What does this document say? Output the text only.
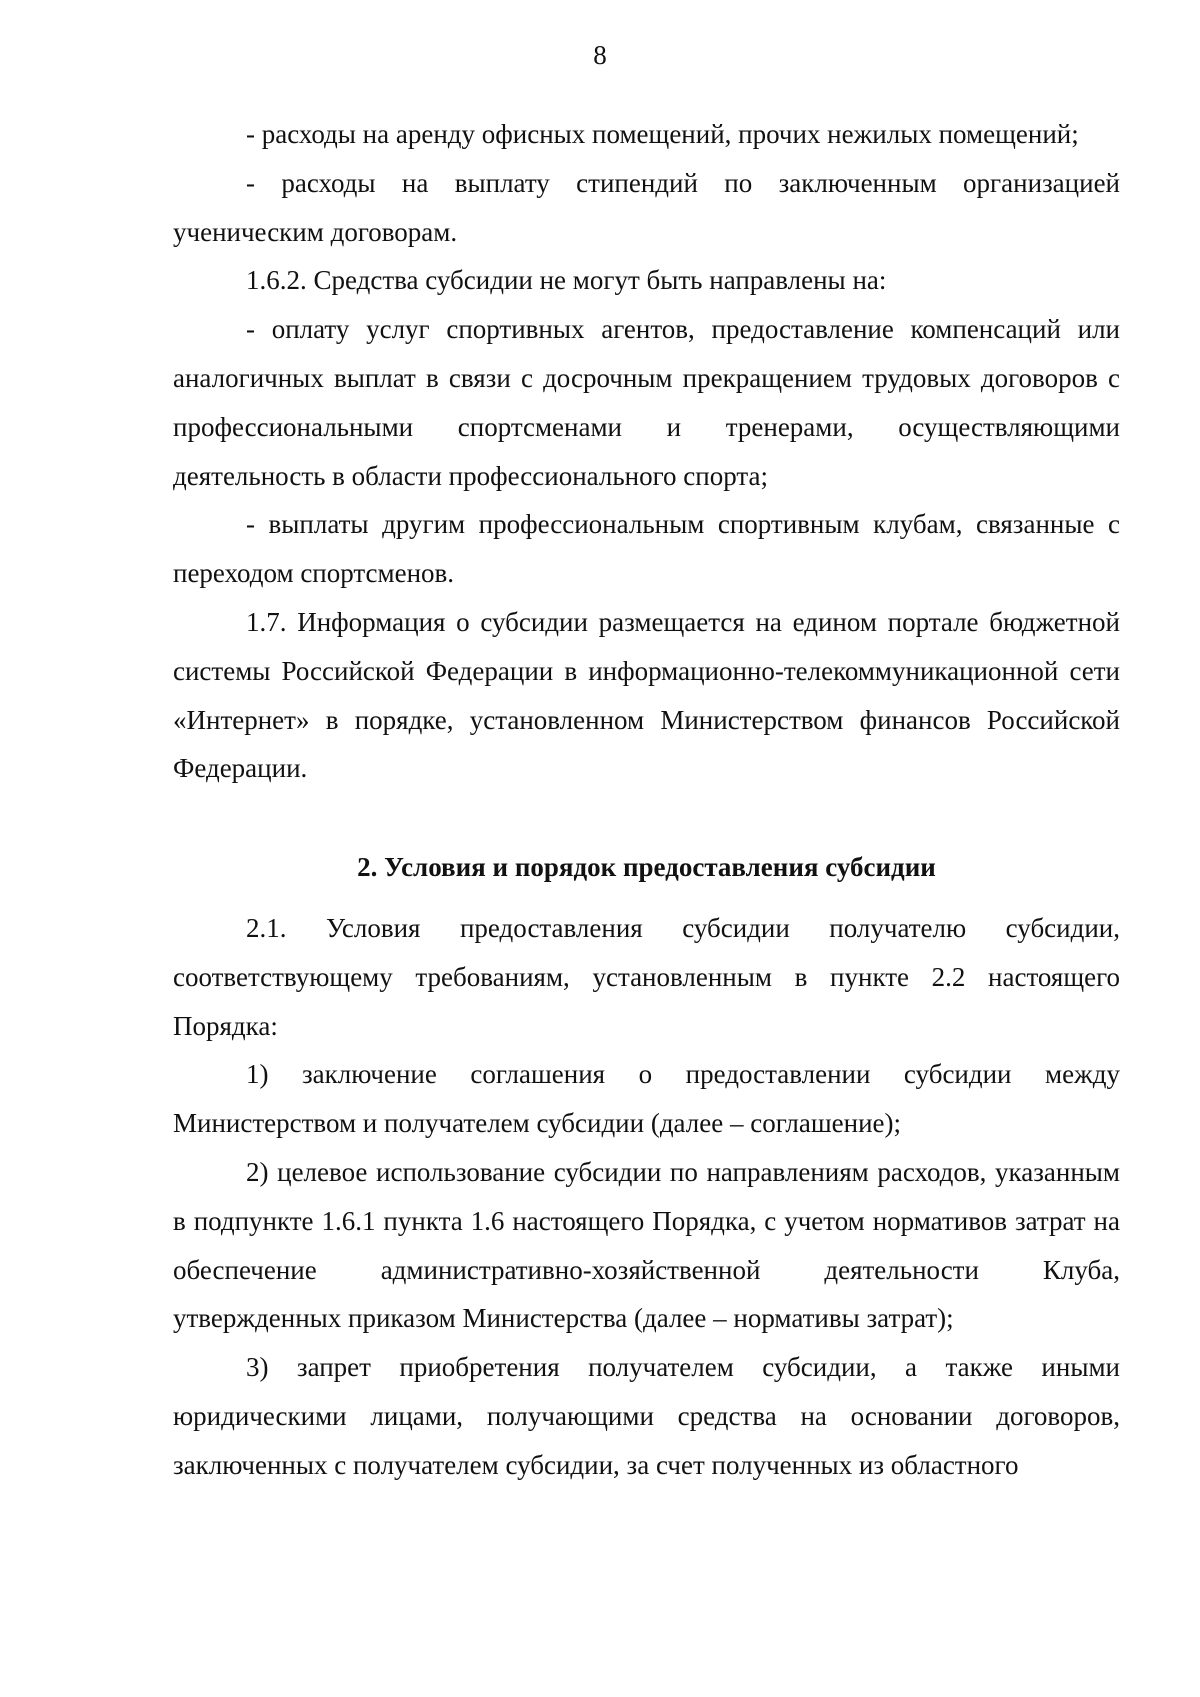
8

- расходы на аренду офисных помещений, прочих нежилых помещений;

- расходы на выплату стипендий по заключенным организацией ученическим договорам.

1.6.2. Средства субсидии не могут быть направлены на:

- оплату услуг спортивных агентов, предоставление компенсаций или аналогичных выплат в связи с досрочным прекращением трудовых договоров с профессиональными спортсменами и тренерами, осуществляющими деятельность в области профессионального спорта;

- выплаты другим профессиональным спортивным клубам, связанные с переходом спортсменов.

1.7. Информация о субсидии размещается на едином портале бюджетной системы Российской Федерации в информационно-телекоммуникационной сети «Интернет» в порядке, установленном Министерством финансов Российской Федерации.

2. Условия и порядок предоставления субсидии

2.1. Условия предоставления субсидии получателю субсидии, соответствующему требованиям, установленным в пункте 2.2 настоящего Порядка:

1) заключение соглашения о предоставлении субсидии между Министерством и получателем субсидии (далее – соглашение);

2) целевое использование субсидии по направлениям расходов, указанным в подпункте 1.6.1 пункта 1.6 настоящего Порядка, с учетом нормативов затрат на обеспечение административно-хозяйственной деятельности Клуба, утвержденных приказом Министерства (далее – нормативы затрат);

3) запрет приобретения получателем субсидии, а также иными юридическими лицами, получающими средства на основании договоров, заключенных с получателем субсидии, за счет полученных из областного
